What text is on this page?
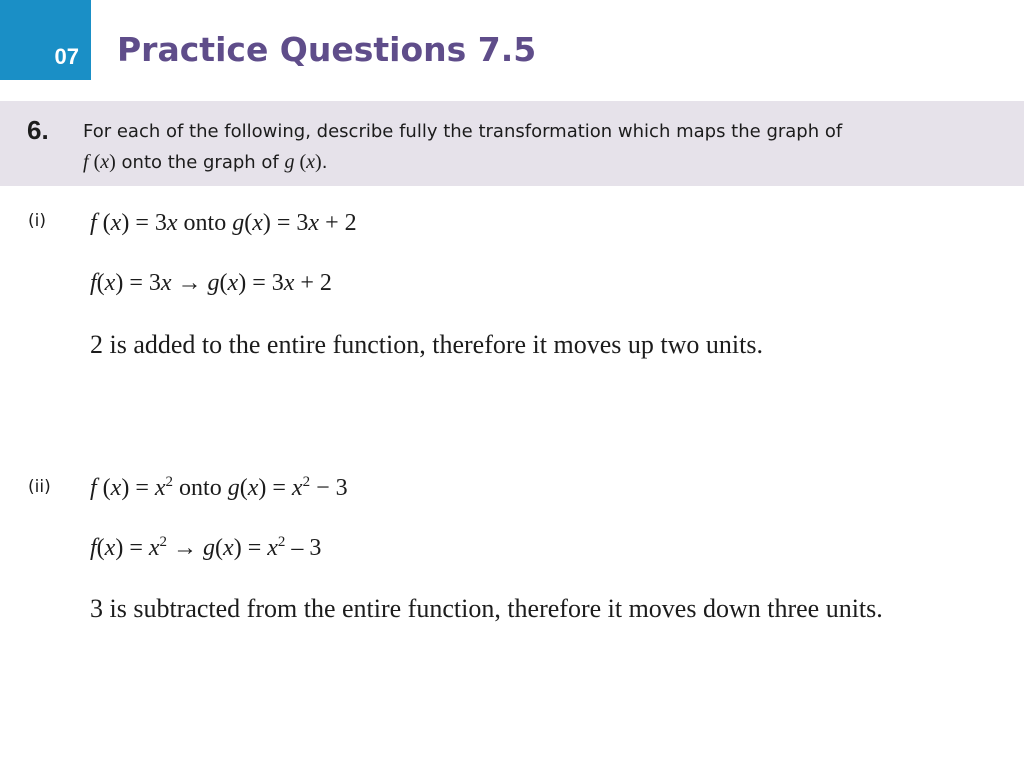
07	Practice Questions 7.5
6. For each of the following, describe fully the transformation which maps the graph of
f (x) onto the graph of g (x).
(i) f (x) = 3x onto g(x) = 3x + 2
f(x) = 3x → g(x) = 3x + 2
2 is added to the entire function, therefore it moves up two units.
(ii) f $(x) = x^2$ onto $g(x) = x^2 - 3$
$f(x) = x^2 \to g(x) = x^2 - 3$
3 is subtracted from the entire function, therefore it moves down three units.
